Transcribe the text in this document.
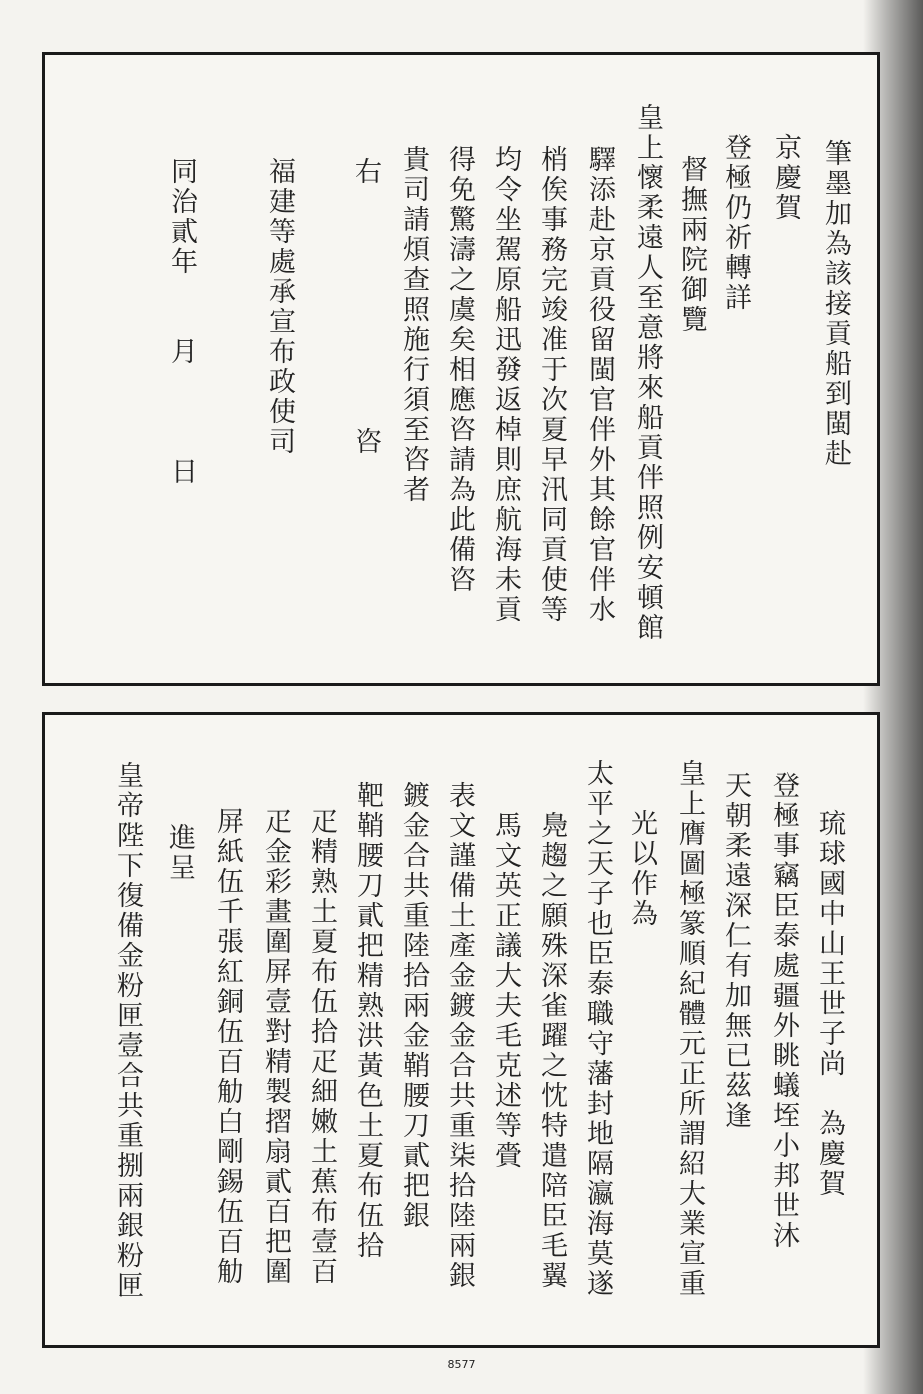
筆墨加為該接貢船到閩赴
京慶賀
登極仍祈轉詳
督撫兩院御覽
皇上懷柔遠人至意將來船貢伴照例安頓館
驛添赴京貢役留閩官伴外其餘官伴水
梢俟事務完竣准于次夏早汛同貢使等
均令坐駕原船迅發返棹則庶航海未貢
得免驚濤之虞矣相應咨請為此備咨
貴司請煩查照施行須至咨者
右　　　　　　　　咨
福建等處承宣布政使司
同治貳年　　月　　　日
琉球國中山王世子尚　為慶賀
登極事竊臣泰處疆外眺蟻垤小邦世沐
天朝柔遠深仁有加無已茲逢
皇上膺圖極篆順紀體元正所謂紹大業宣重
光以作為
太平之天子也臣泰職守藩封地隔瀛海莫遂
鳧趨之願殊深雀躍之忱特遣陪臣毛翼
馬文英正議大夫毛克述等賫
表文謹備土產金鍍金合共重柒拾陸兩銀
鍍金合共重陸拾兩金鞘腰刀貳把銀
靶鞘腰刀貳把精熟洪黃色土夏布伍拾
疋精熟土夏布伍拾疋細嫩土蕉布壹百
疋金彩畫圍屏壹對精製摺扇貳百把圍
屏紙伍千張紅銅伍百觔白剛錫伍百觔
進呈
皇帝陛下復備金粉匣壹合共重捌兩銀粉匣
8577
